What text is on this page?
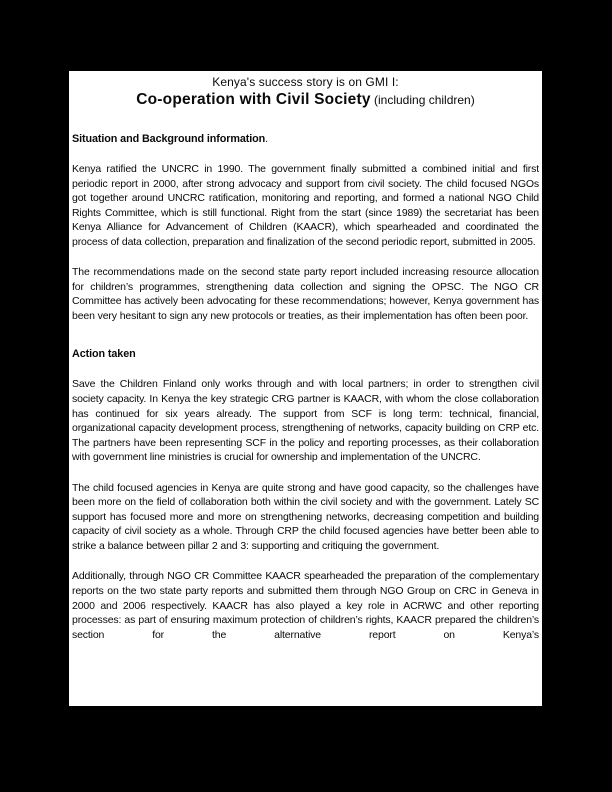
Kenya's success story is on GMI I:
Co-operation with Civil Society (including children)
Situation and Background information.

Kenya ratified the UNCRC in 1990. The government finally submitted a combined initial and first periodic report in 2000, after strong advocacy and support from civil society. The child focused NGOs got together around UNCRC ratification, monitoring and reporting, and formed a national NGO Child Rights Committee, which is still functional. Right from the start (since 1989) the secretariat has been Kenya Alliance for Advancement of Children (KAACR), which spearheaded and coordinated the process of data collection, preparation and finalization of the second periodic report, submitted in 2005.

The recommendations made on the second state party report included increasing resource allocation for children’s programmes, strengthening data collection and signing the OPSC. The NGO CR Committee has actively been advocating for these recommendations; however, Kenya government has been very hesitant to sign any new protocols or treaties, as their implementation has often been poor.

Action taken

Save the Children Finland only works through and with local partners; in order to strengthen civil society capacity. In Kenya the key strategic CRG partner is KAACR, with whom the close collaboration has continued for six years already. The support from SCF is long term: technical, financial, organizational capacity development process, strengthening of networks, capacity building on CRP etc. The partners have been representing SCF in the policy and reporting processes, as their collaboration with government line ministries is crucial for ownership and implementation of the UNCRC.

The child focused agencies in Kenya are quite strong and have good capacity, so the challenges have been more on the field of collaboration both within the civil society and with the government. Lately SC support has focused more and more on strengthening networks, decreasing competition and building capacity of civil society as a whole. Through CRP the child focused agencies have better been able to strike a balance between pillar 2 and 3: supporting and critiquing the government.

Additionally, through NGO CR Committee KAACR spearheaded the preparation of the complementary reports on the two state party reports and submitted them through NGO Group on CRC in Geneva in 2000 and 2006 respectively. KAACR has also played a key role in ACRWC and other reporting processes: as part of ensuring maximum protection of children’s rights, KAACR prepared the children’s section for the alternative report on Kenya’s
